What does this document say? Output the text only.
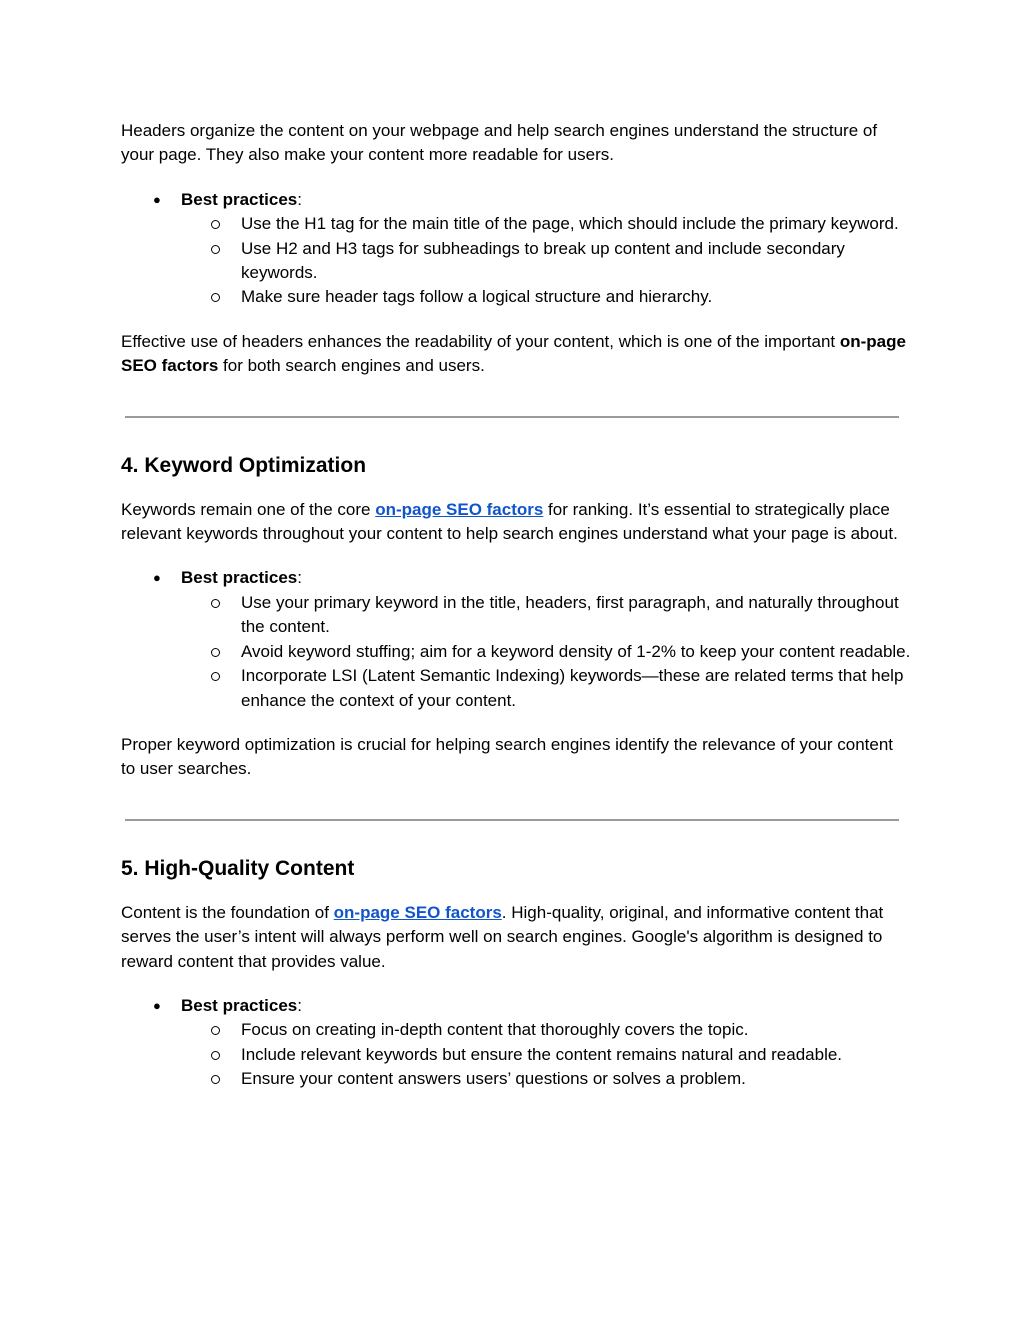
Headers organize the content on your webpage and help search engines understand the structure of your page. They also make your content more readable for users.

● Best practices:
Use the H1 tag for the main title of the page, which should include the primary keyword.
Use H2 and H3 tags for subheadings to break up content and include secondary keywords.
Make sure header tags follow a logical structure and hierarchy.

Effective use of headers enhances the readability of your content, which is one of the important on-page SEO factors for both search engines and users.

4. Keyword Optimization

Keywords remain one of the core on-page SEO factors for ranking. It’s essential to strategically place relevant keywords throughout your content to help search engines understand what your page is about.

● Best practices:
Use your primary keyword in the title, headers, first paragraph, and naturally throughout the content.
Avoid keyword stuffing; aim for a keyword density of 1-2% to keep your content readable.
Incorporate LSI (Latent Semantic Indexing) keywords—these are related terms that help enhance the context of your content.

Proper keyword optimization is crucial for helping search engines identify the relevance of your content to user searches.

5. High-Quality Content

Content is the foundation of on-page SEO factors. High-quality, original, and informative content that serves the user’s intent will always perform well on search engines. Google's algorithm is designed to reward content that provides value.

● Best practices:
Focus on creating in-depth content that thoroughly covers the topic.
Include relevant keywords but ensure the content remains natural and readable.
Ensure your content answers users’ questions or solves a problem.
